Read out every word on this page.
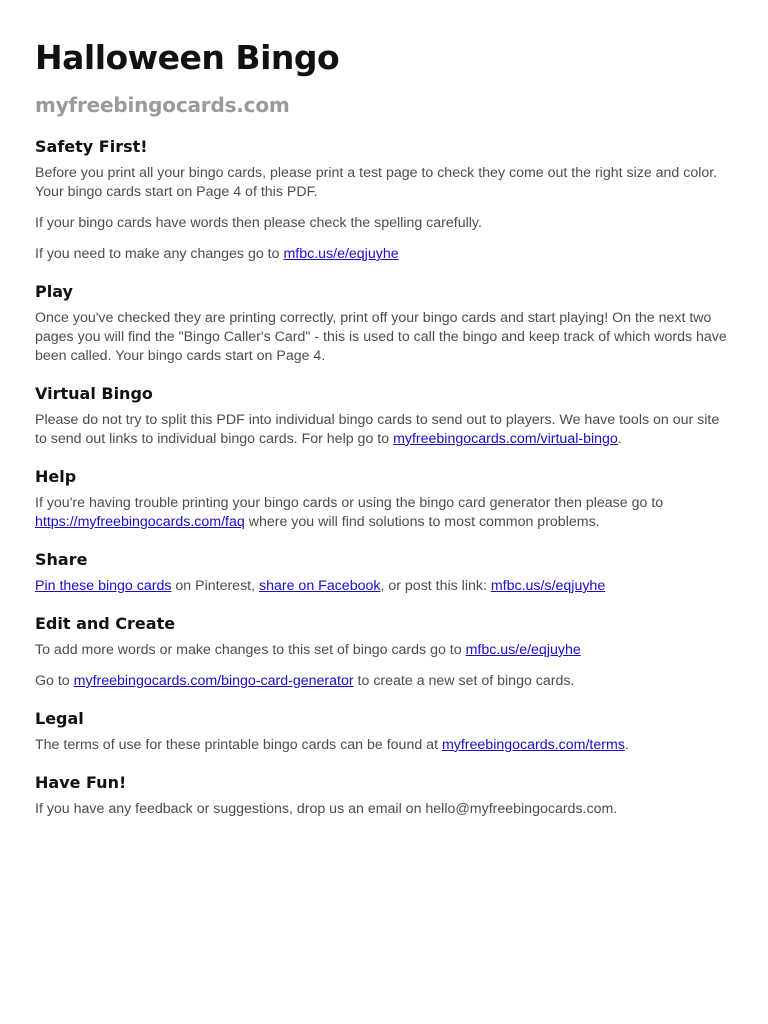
Halloween Bingo
myfreebingocards.com
Safety First!

Before you print all your bingo cards, please print a test page to check they come out the right size and color. Your bingo cards start on Page 4 of this PDF.

If your bingo cards have words then please check the spelling carefully.

If you need to make any changes go to mfbc.us/e/eqjuyhe

Play

Once you've checked they are printing correctly, print off your bingo cards and start playing! On the next two pages you will find the "Bingo Caller's Card" - this is used to call the bingo and keep track of which words have been called. Your bingo cards start on Page 4.

Virtual Bingo

Please do not try to split this PDF into individual bingo cards to send out to players. We have tools on our site to send out links to individual bingo cards. For help go to myfreebingocards.com/virtual-bingo.

Help

If you're having trouble printing your bingo cards or using the bingo card generator then please go to https://myfreebingocards.com/faq where you will find solutions to most common problems.

Share

Pin these bingo cards on Pinterest, share on Facebook, or post this link: mfbc.us/s/eqjuyhe

Edit and Create

To add more words or make changes to this set of bingo cards go to mfbc.us/e/eqjuyhe

Go to myfreebingocards.com/bingo-card-generator to create a new set of bingo cards.

Legal

The terms of use for these printable bingo cards can be found at myfreebingocards.com/terms.

Have Fun!

If you have any feedback or suggestions, drop us an email on hello@myfreebingocards.com.
